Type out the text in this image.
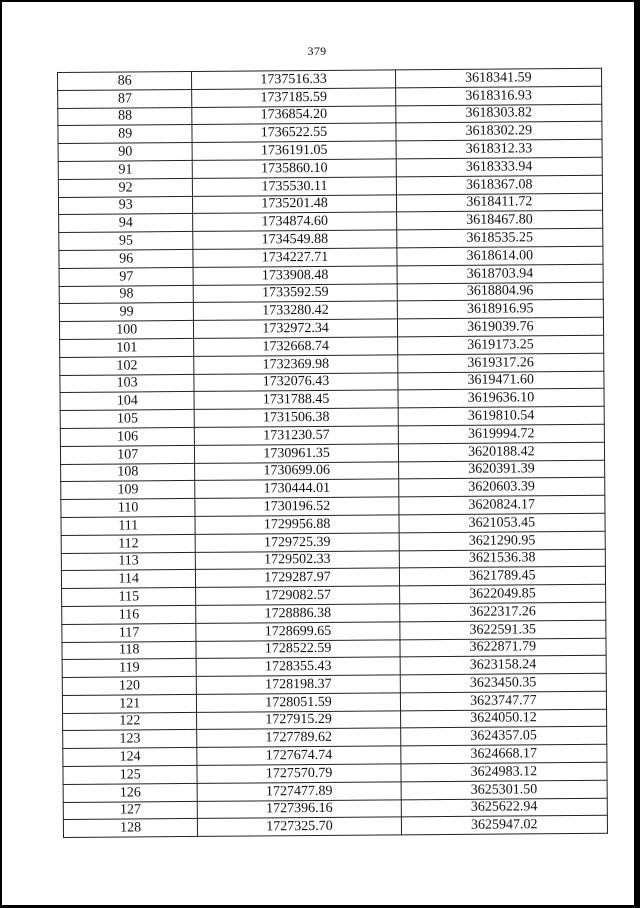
379
86	1737516.33	3618341.59
87	1737185.59	3618316.93
88	1736854.20	3618303.82
89	1736522.55	3618302.29
90	1736191.05	3618312.33
91	1735860.10	3618333.94
92	1735530.11	3618367.08
93	1735201.48	3618411.72
94	1734874.60	3618467.80
95	1734549.88	3618535.25
96	1734227.71	3618614.00
97	1733908.48	3618703.94
98	1733592.59	3618804.96
99	1733280.42	3618916.95
100	1732972.34	3619039.76
101	1732668.74	3619173.25
102	1732369.98	3619317.26
103	1732076.43	3619471.60
104	1731788.45	3619636.10
105	1731506.38	3619810.54
106	1731230.57	3619994.72
107	1730961.35	3620188.42
108	1730699.06	3620391.39
109	1730444.01	3620603.39
110	1730196.52	3620824.17
111	1729956.88	3621053.45
112	1729725.39	3621290.95
113	1729502.33	3621536.38
114	1729287.97	3621789.45
115	1729082.57	3622049.85
116	1728886.38	3622317.26
117	1728699.65	3622591.35
118	1728522.59	3622871.79
119	1728355.43	3623158.24
120	1728198.37	3623450.35
121	1728051.59	3623747.77
122	1727915.29	3624050.12
123	1727789.62	3624357.05
124	1727674.74	3624668.17
125	1727570.79	3624983.12
126	1727477.89	3625301.50
127	1727396.16	3625622.94
128	1727325.70	3625947.02
